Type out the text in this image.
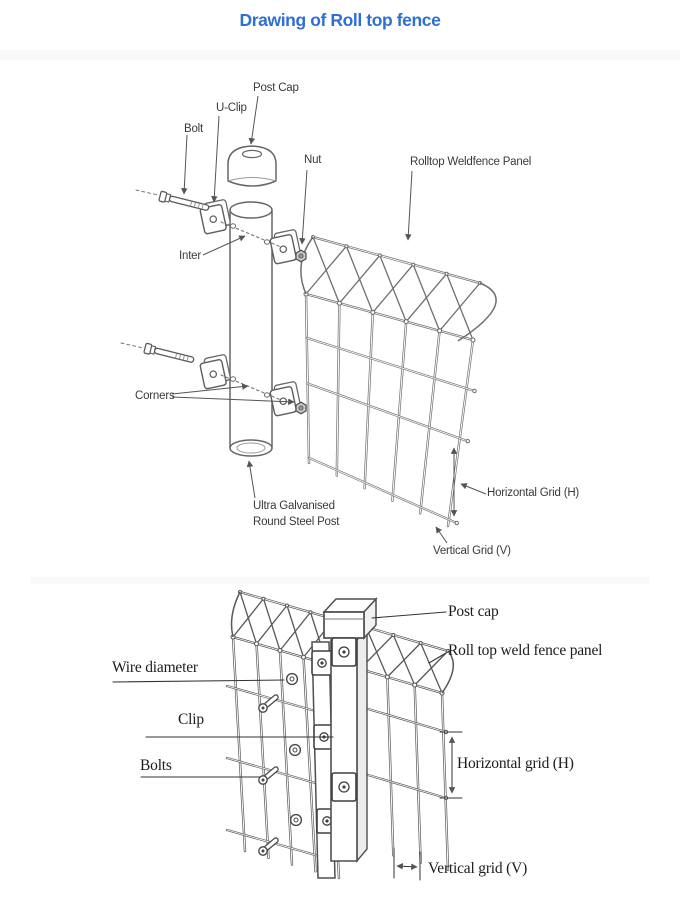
Drawing of Roll top fence
Post Cap
U-Clip
Bolt
Nut	Rolltop Weldfence Panel
Inter
Corners
Ultra Galvanised
Round Steel Post
Horizontal Grid (H)
Vertical Grid (V)
Post cap
Roll top weld fence panel
Wire diameter
Clip
Bolts	Horizontal grid (H)
Vertical grid (V)
